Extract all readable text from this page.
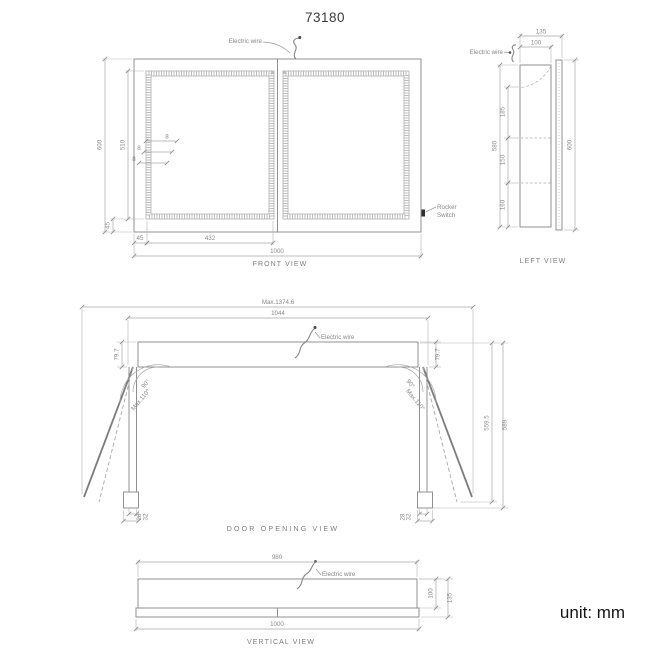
73180
600	510
45
45	432
1000
8
8
8
FRONT VIEW
Electric wire
Rocker
Switch
135
100
580
185
150
160
600
LEFT VIEW
Electric wire
Max.1374.6
1044
79.7	79.7
559.5 589
28 32	28 32
90°
Max.110°
90°
Max.110°
DOOR OPENING VIEW
Electric wire
980
100 135
1000
VERTICAL VIEW
Electric wire
unit: mm
